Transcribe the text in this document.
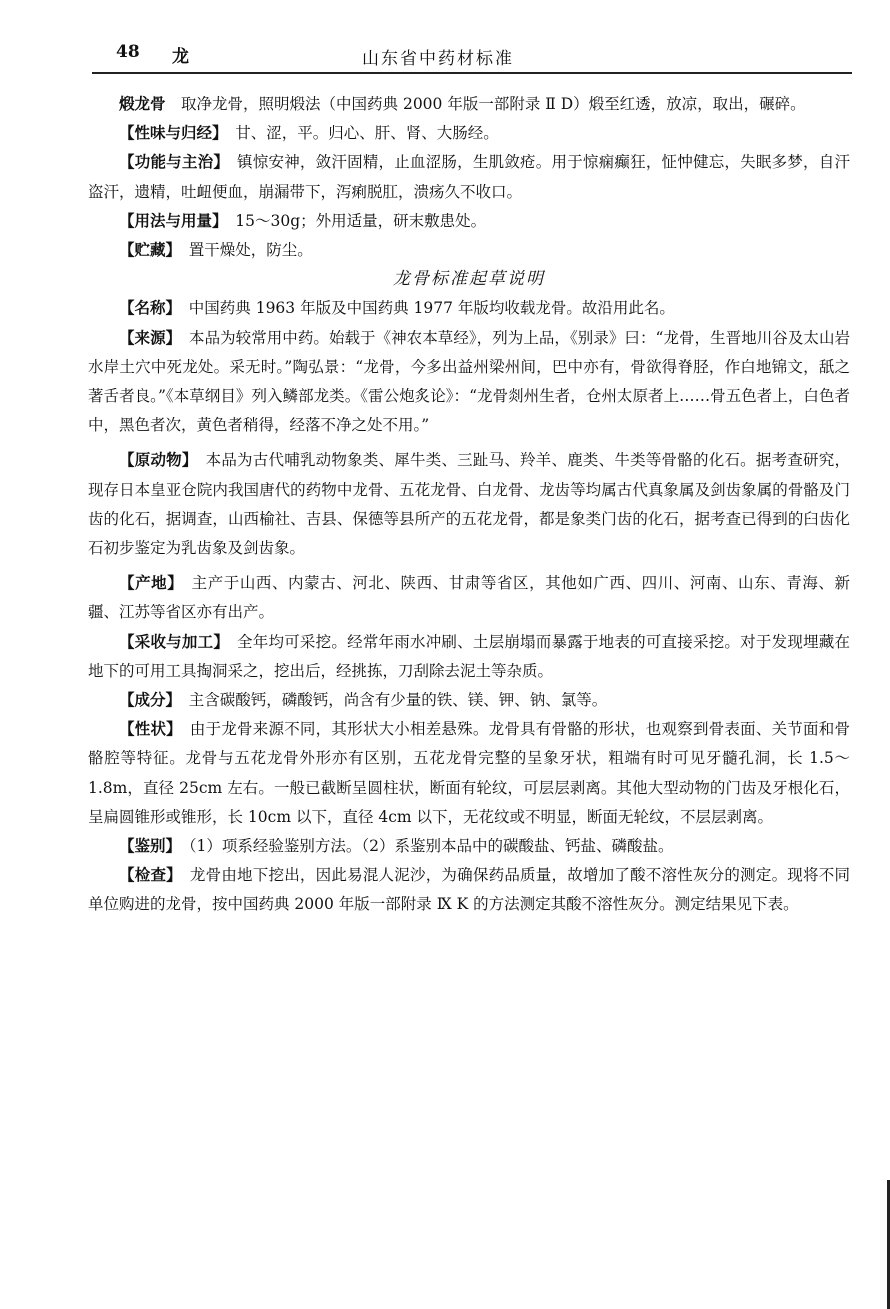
48 龙	山东省中药材标准

煅龙骨　 取净龙骨，照明煅法（中国药典 2000 年版一部附录 Ⅱ D）煅至红透，放凉，取出，碾碎。

【性味与归经】　 甘、涩，平。归心、肝、肾、大肠经。

【功能与主治】　 镇惊安神，敛汗固精，止血涩肠，生肌敛疮。用于惊痫癫狂，怔忡健忘，失眠多梦，自汗盗汗，遗精，吐衄便血，崩漏带下，泻痢脱肛，溃疡久不收口。

【用法与用量】　 15～30g；外用适量，研末敷患处。

【贮藏】　 置干燥处，防尘。

龙骨标准起草说明

【名称】　 中国药典 1963 年版及中国药典 1977 年版均收载龙骨。故沿用此名。

【来源】　 本品为较常用中药。始载于《神农本草经》，列为上品，《别录》曰：“龙骨，生晋地川谷及太山岩水岸土穴中死龙处。采无时。”陶弘景：“龙骨，今多出益州梁州间，巴中亦有，骨欲得脊胫，作白地锦文，舐之著舌者良。”《本草纲目》列入鳞部龙类。《雷公炮炙论》：“龙骨剡州生者，仓州太原者上……骨五色者上，白色者中，黑色者次，黄色者稍得，经落不净之处不用。”

【原动物】　 本品为古代哺乳动物象类、犀牛类、三趾马、羚羊、鹿类、牛类等骨骼的化石。据考查研究，现存日本皇亚仓院内我国唐代的药物中龙骨、五花龙骨、白龙骨、龙齿等均属古代真象属及剑齿象属的骨骼及门齿的化石，据调查，山西榆社、吉县、保德等县所产的五花龙骨，都是象类门齿的化石，据考查已得到的臼齿化石初步鉴定为乳齿象及剑齿象。

【产地】　 主产于山西、内蒙古、河北、陕西、甘肃等省区，其他如广西、四川、河南、山东、青海、新疆、江苏等省区亦有出产。

【采收与加工】　 全年均可采挖。经常年雨水冲刷、土层崩塌而暴露于地表的可直接采挖。对于发现埋藏在地下的可用工具掏洞采之，挖出后，经挑拣，刀刮除去泥土等杂质。

【成分】　 主含碳酸钙，磷酸钙，尚含有少量的铁、镁、钾、钠、氯等。

【性状】　 由于龙骨来源不同，其形状大小相差悬殊。龙骨具有骨骼的形状，也观察到骨表面、关节面和骨骼腔等特征。龙骨与五花龙骨外形亦有区别，五花龙骨完整的呈象牙状，粗端有时可见牙髓孔洞，长 1.5～1.8m，直径 25cm 左右。一般已截断呈圆柱状，断面有轮纹，可层层剥离。其他大型动物的门齿及牙根化石，呈扁圆锥形或锥形，长 10cm 以下，直径 4cm 以下，无花纹或不明显，断面无轮纹，不层层剥离。

【鉴别】　 （1）项系经验鉴别方法。（2）系鉴别本品中的碳酸盐、钙盐、磷酸盐。

【检查】　 龙骨由地下挖出，因此易混人泥沙，为确保药品质量，故增加了酸不溶性灰分的测定。现将不同单位购进的龙骨，按中国药典 2000 年版一部附录 Ⅸ K 的方法测定其酸不溶性灰分。测定结果见下表。
